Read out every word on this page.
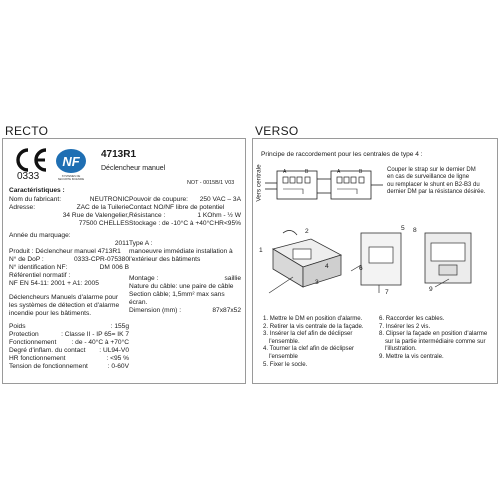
RECTO	VERSO
0333
NF
SYSTEMES DE SECURITE INCENDIE
4713R1
Déclencheur manuel
NOT - 0015B/1 V03
Caractéristiques :
Nom du fabricant:	NEUTRONIC
Adresse:	ZAC de la Tuilerie
34 Rue de Valengelier,
77500 CHELLES
Année du marquage:
2011
Produit : Déclencheur manuel 4713R1
N° de DoP :	0333-CPR-075380
N° identification NF:	DM 006 B
Référentiel normatif :
NF EN 54-11: 2001 + A1: 2005
Déclencheurs Manuels d'alarme pour
les systèmes de détection et d'alarme
incendie pour les bâtiments.
Poids	: 155g
Protection	: Classe II - IP 65= IK 7
Fonctionnement : de - 40°C à +70°C
Degré d'inflam. du contact : UL94-V0
HR fonctionnement	: <95 %
Tension de fonctionnement	: 0-60V
Pouvoir de coupure: 250 VAC – 3A
Contact NO/NF libre de potentiel
Résistance :	1 KOhm - ½ W
Stockage : de -10°C à +40°C HR<95%
Type A :
manoeuvre immédiate installation à
l'extérieur des bâtiments
Montage :	saillie
Nature du câble: une paire de câble
Section câble; 1,5mm² max sans
écran.
Dimension (mm) :	87x87x52
Principe de raccordement pour les centrales de type 4 :
Vers centrale	A	B	A	B	Couper le strap sur le dernier DM
en cas de surveillance de ligne
ou remplacer le shunt en B2-B3 du
dernier DM par la résistance désirée.
1
2
3
4
5
6
7
8
9
1. Mettre le DM en position d'alarme.
2. Retirer la vis centrale de la façade.
3. Insérer la clef afin de déclipser
l'ensemble.
4. Tourner la clef afin de déclipser
l'ensemble
5. Fixer le socle.
6. Raccorder les cables.
7. Insérer les 2 vis.
8. Clipser la façade en position d'alarme
sur la partie intermédiaire comme sur
l'illustration.
9. Mettre la vis centrale.
